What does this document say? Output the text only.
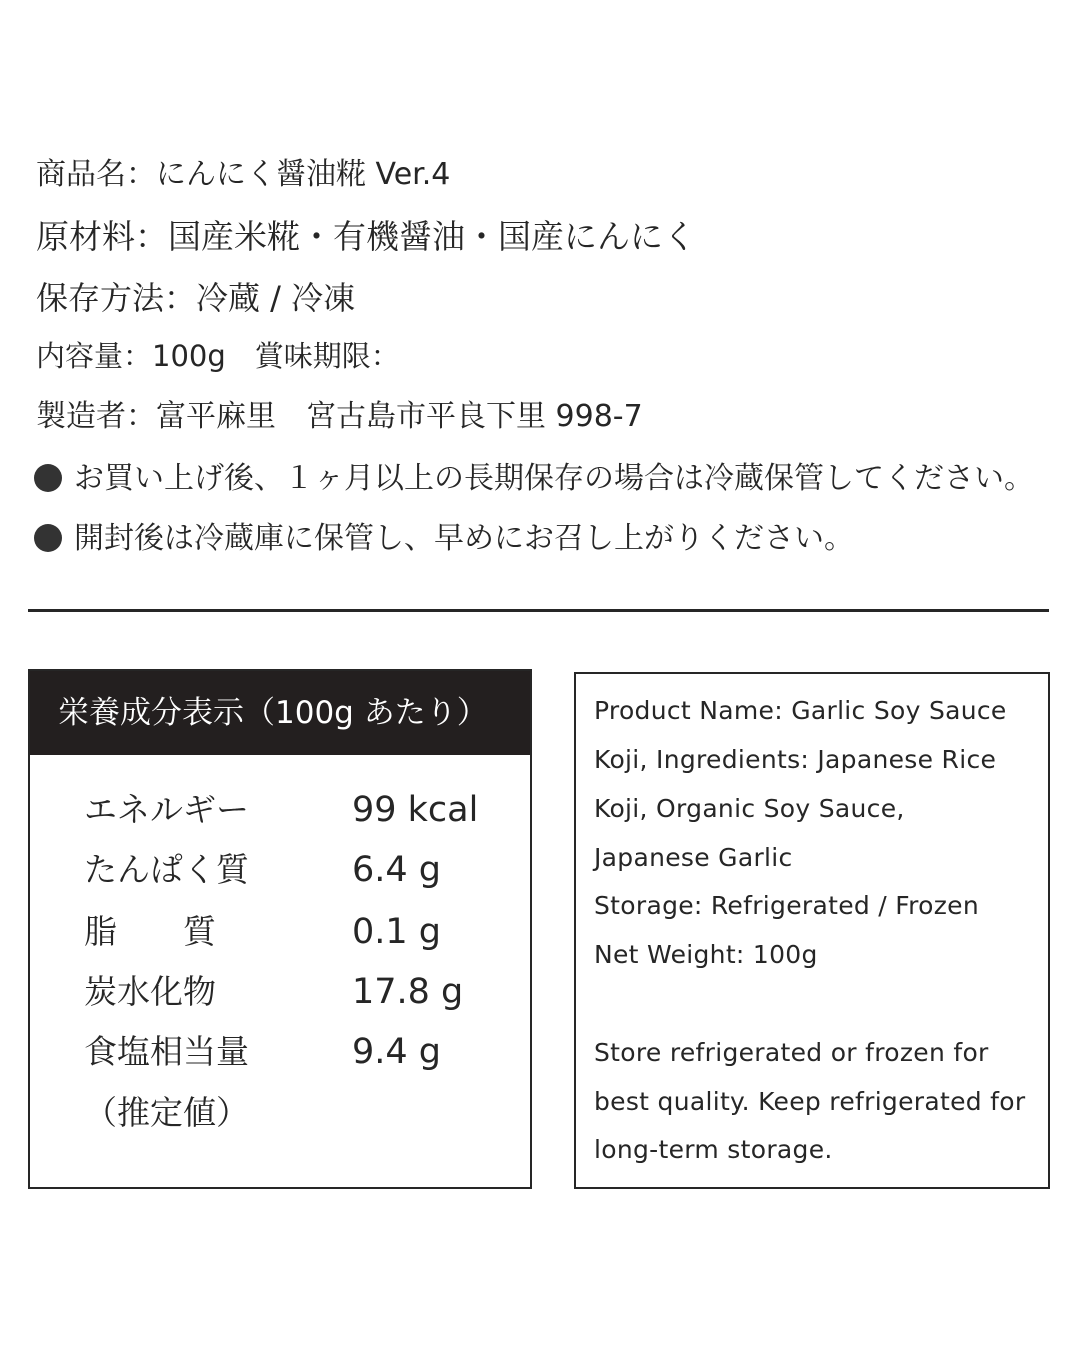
商品名：にんにく醤油糀 Ver.4
原材料：国産米糀・有機醤油・国産にんにく
保存方法：冷蔵 / 冷凍
内容量：100g　賞味期限：
製造者：富平麻里　宮古島市平良下里 998-7
お買い上げ後、１ヶ月以上の長期保存の場合は冷蔵保管してください。
開封後は冷蔵庫に保管し、早めにお召し上がりください。
栄養成分表示（100g あたり）
エネルギー	99 kcal
たんぱく質	6.4 g
脂　　質	0.1 g
炭水化物	17.8 g
食塩相当量	9.4 g
（推定値）
Product Name: Garlic Soy Sauce
Koji, Ingredients: Japanese Rice
Koji, Organic Soy Sauce,
Japanese Garlic
Storage: Refrigerated / Frozen
Net Weight: 100g
Store refrigerated or frozen for
best quality. Keep refrigerated for
long-term storage.
